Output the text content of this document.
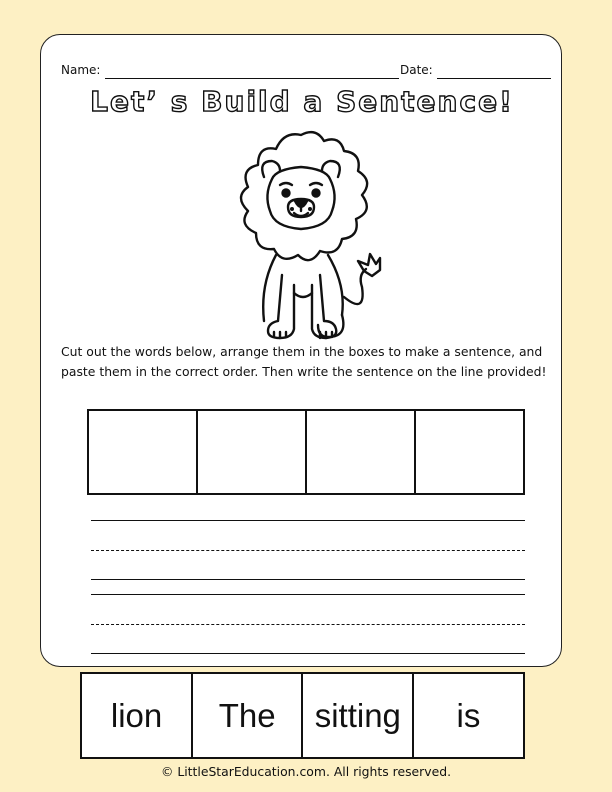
Name:	Date:
Let’ s Build a Sentence!
Cut out the words below, arrange them in the boxes to make a sentence, and paste them in the correct order. Then write the sentence on the line provided!
lion	The	sitting	is
© LittleStarEducation.com. All rights reserved.
